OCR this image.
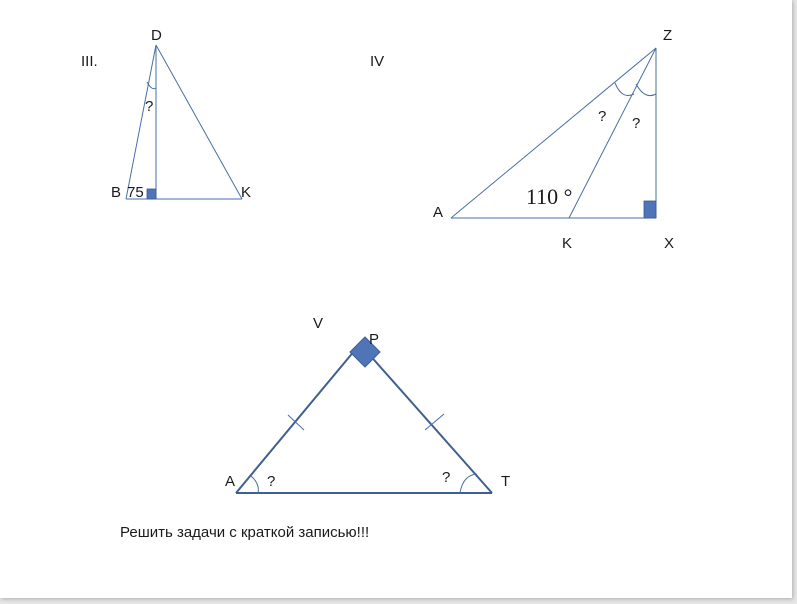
III.
D
?
B 75	K
IV
Z
? ?
110 °
A
K	X
V
P
A ?	?	T
Решить задачи с краткой записью!!!
